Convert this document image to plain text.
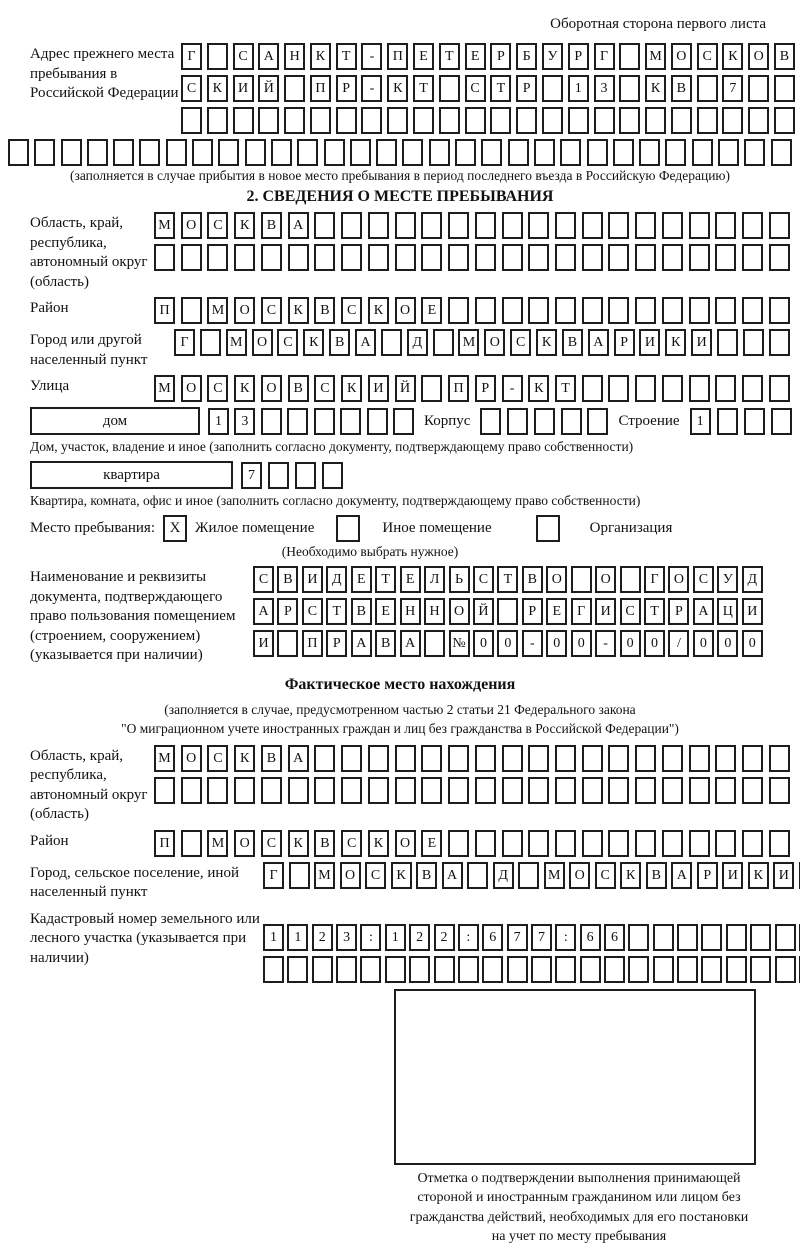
Оборотная сторона первого листа
Адрес прежнего места пребывания в Российской Федерации
Г	С	А	Н	К	Т	-	П	Е	Т	Е	Р	Б	У	Р	Г	М	О	С	К	О	В
С	К	И	Й	П	Р	-	К	Т	С	Т	Р	1	3	К	В	7
(заполняется в случае прибытия в новое место пребывания в период последнего въезда в Российскую Федерацию)
2. СВЕДЕНИЯ О МЕСТЕ ПРЕБЫВАНИЯ
Область, край, республика, автономный округ (область)
М	О	С	К	В	А
Район	П	М	О	С	К	В	С	К	О	Е
Город или другой населенный пункт
Г	М	О	С	К	В	А	Д	М	О	С	К	В	А	Р	И	К	И
Улица	М	О	С	К	О	В	С	К	И	Й	П	Р	-	К	Т
дом	1	3	Корпус	Строение	1
Дом, участок, владение и иное (заполнить согласно документу, подтверждающему право собственности)
квартира	7
Квартира, комната, офис и иное (заполнить согласно документу, подтверждающему право собственности)
Место пребывания: X Жилое помещение	Иное помещение	Организация
(Необходимо выбрать нужное)
Наименование и реквизиты документа, подтверждающего право пользования помещением (строением, сооружением) (указывается при наличии)
С	В	И	Д	Е	Т	Е	Л	Ь	С	Т	В	О	О	Г	О	С	У	Д
А	Р	С	Т	В	Е	Н	Н	О	Й	Р	Е	Г	И	С	Т	Р	А	Ц	И
И	П	Р	А	В	А	№	0	0	-	0	0	-	0	0	/	0	0	0
Фактическое место нахождения
(заполняется в случае, предусмотренном частью 2 статьи 21 Федерального закона
"О миграционном учете иностранных граждан и лиц без гражданства в Российской Федерации")
Область, край, республика, автономный округ (область)
М	О	С	К	В	А
Район	П	М	О	С	К	В	С	К	О	Е
Город, сельское поселение, иной населенный пункт
Г	М	О	С	К	В	А	Д	М	О	С	К	В	А	Р	И	К	И
Кадастровый номер земельного или лесного участка (указывается при наличии)
1	1	2	3	:	1	2	2	:	6	7	7	:	6	6
Отметка о подтверждении выполнения принимающей
стороной и иностранным гражданином или лицом без
гражданства действий, необходимых для его постановки
на учет по месту пребывания
